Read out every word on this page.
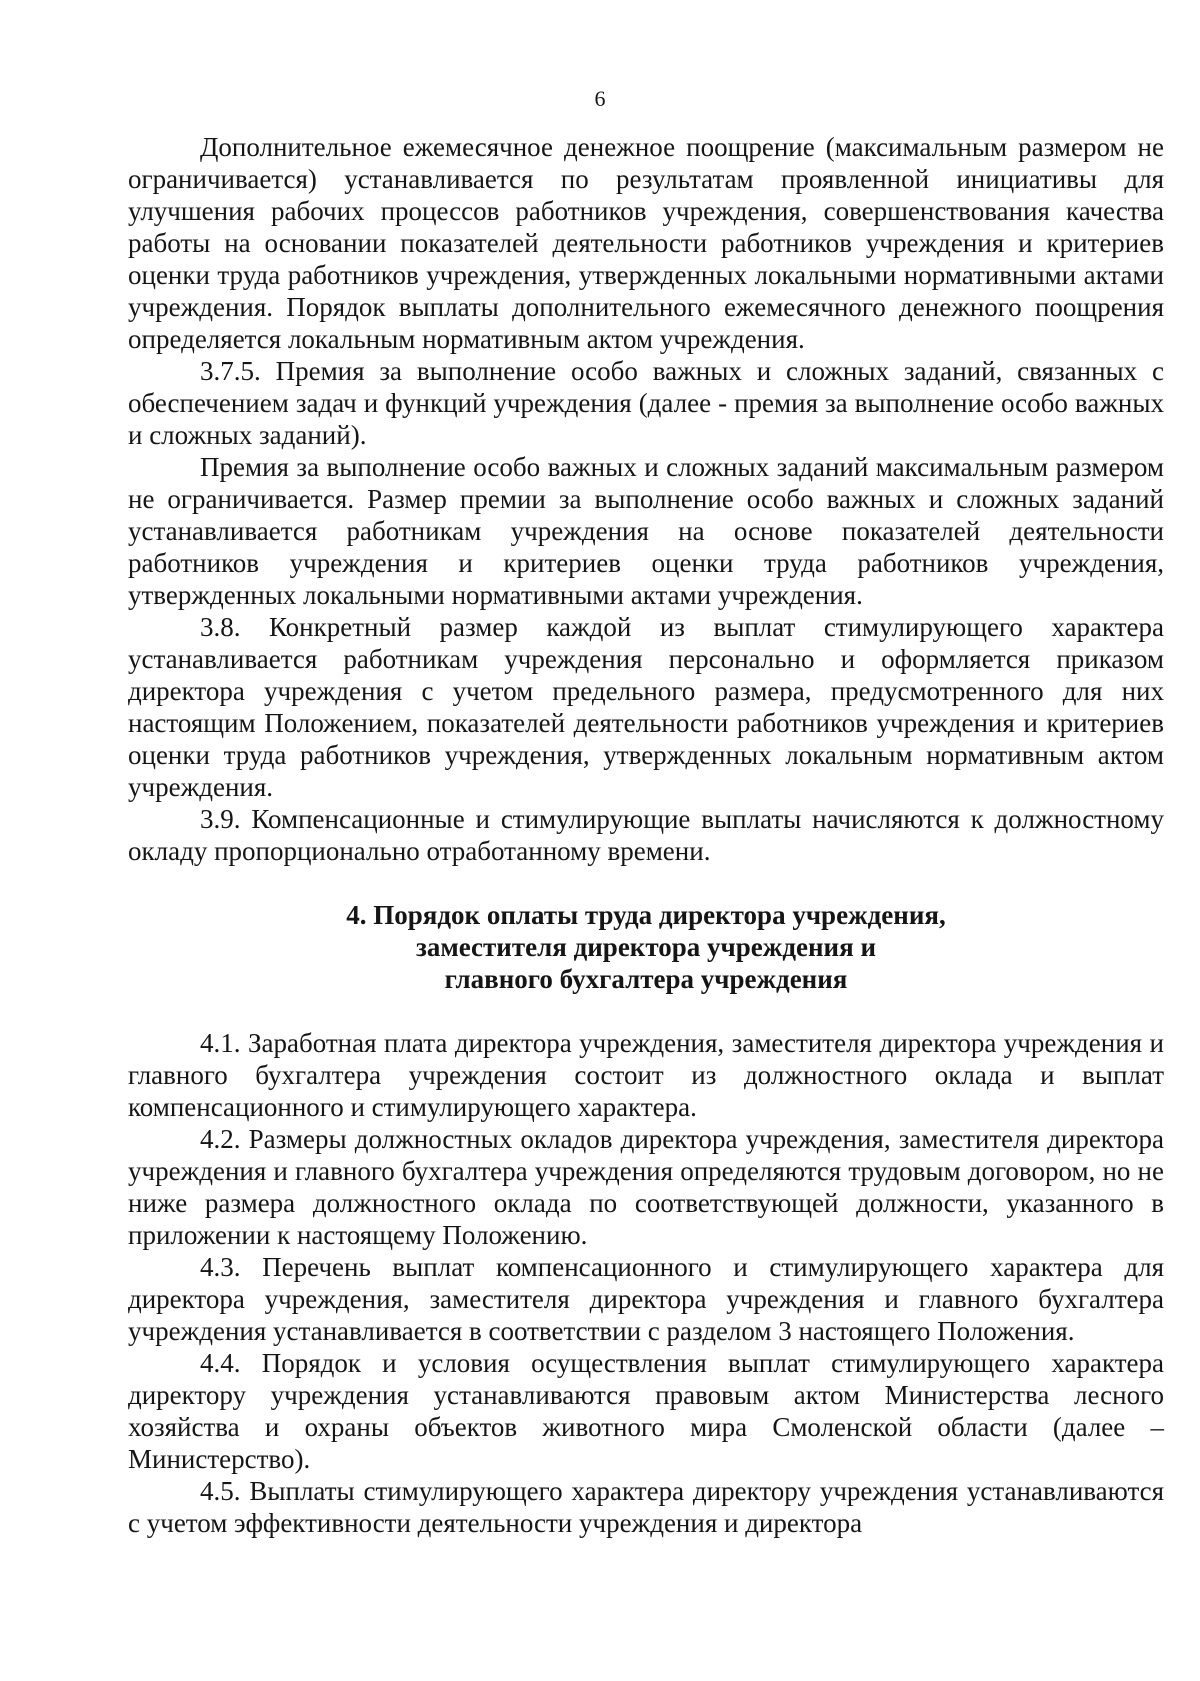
6

Дополнительное ежемесячное денежное поощрение (максимальным размером не ограничивается) устанавливается по результатам проявленной инициативы для улучшения рабочих процессов работников учреждения, совершенствования качества работы на основании показателей деятельности работников учреждения и критериев оценки труда работников учреждения, утвержденных локальными нормативными актами учреждения. Порядок выплаты дополнительного ежемесячного денежного поощрения определяется локальным нормативным актом учреждения.

3.7.5. Премия за выполнение особо важных и сложных заданий, связанных с обеспечением задач и функций учреждения (далее - премия за выполнение особо важных и сложных заданий).

Премия за выполнение особо важных и сложных заданий максимальным размером не ограничивается. Размер премии за выполнение особо важных и сложных заданий устанавливается работникам учреждения на основе показателей деятельности работников учреждения и критериев оценки труда работников учреждения, утвержденных локальными нормативными актами учреждения.

3.8. Конкретный размер каждой из выплат стимулирующего характера устанавливается работникам учреждения персонально и оформляется приказом директора учреждения с учетом предельного размера, предусмотренного для них настоящим Положением, показателей деятельности работников учреждения и критериев оценки труда работников учреждения, утвержденных локальным нормативным актом учреждения.

3.9. Компенсационные и стимулирующие выплаты начисляются к должностному окладу пропорционально отработанному времени.

4. Порядок оплаты труда директора учреждения,
заместителя директора учреждения и
главного бухгалтера учреждения

4.1. Заработная плата директора учреждения, заместителя директора учреждения и главного бухгалтера учреждения состоит из должностного оклада и выплат компенсационного и стимулирующего характера.

4.2. Размеры должностных окладов директора учреждения, заместителя директора учреждения и главного бухгалтера учреждения определяются трудовым договором, но не ниже размера должностного оклада по соответствующей должности, указанного в приложении к настоящему Положению.

4.3. Перечень выплат компенсационного и стимулирующего характера для директора учреждения, заместителя директора учреждения и главного бухгалтера учреждения устанавливается в соответствии с разделом 3 настоящего Положения.

4.4. Порядок и условия осуществления выплат стимулирующего характера директору учреждения устанавливаются правовым актом Министерства лесного хозяйства и охраны объектов животного мира Смоленской области (далее – Министерство).

4.5. Выплаты стимулирующего характера директору учреждения устанавливаются с учетом эффективности деятельности учреждения и директора
